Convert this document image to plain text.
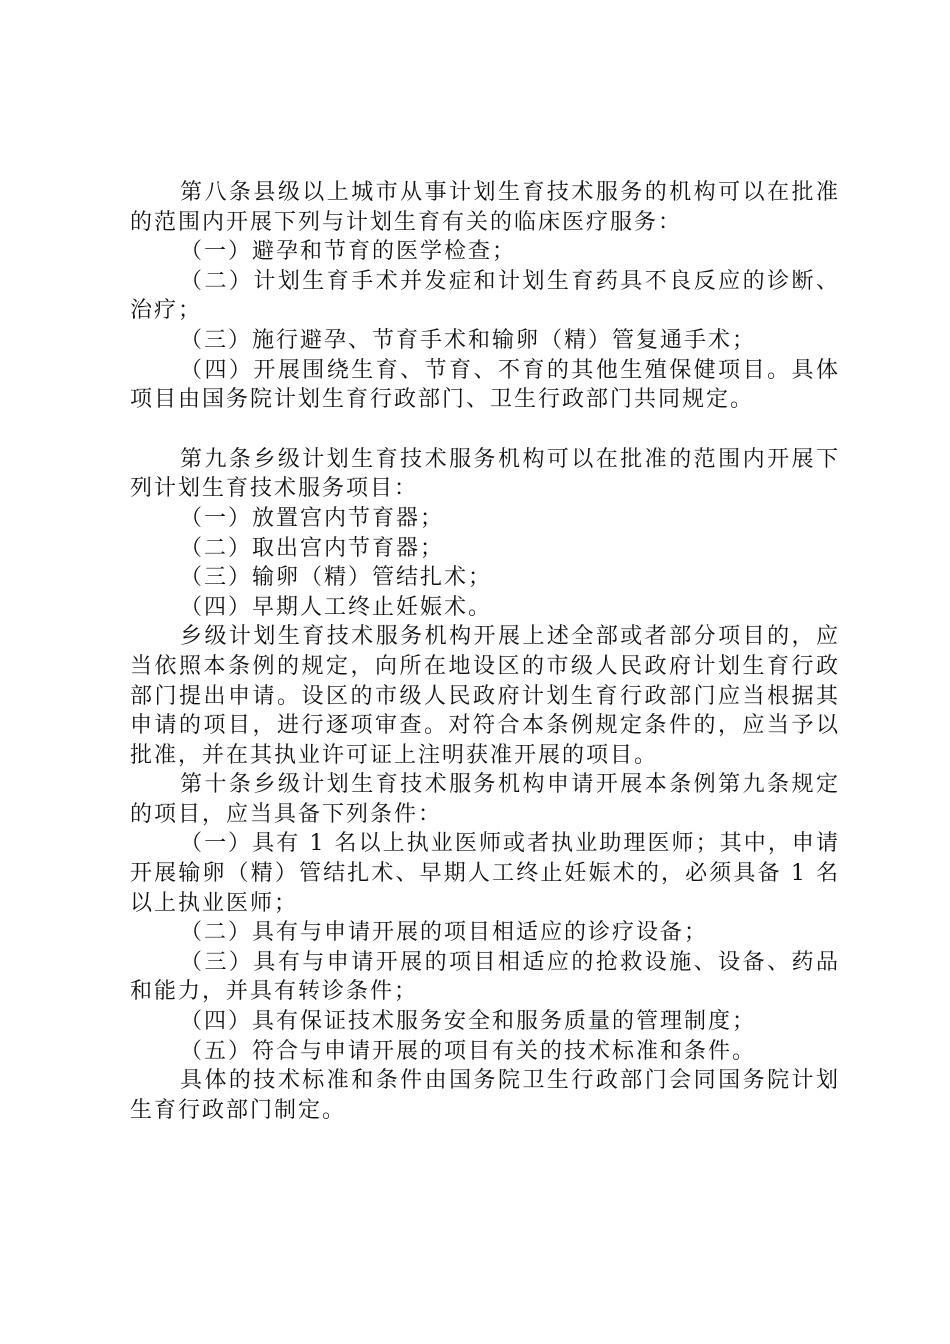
第八条县级以上城市从事计划生育技术服务的机构可以在批准的范围内开展下列与计划生育有关的临床医疗服务：

（一）避孕和节育的医学检查；

（二）计划生育手术并发症和计划生育药具不良反应的诊断、治疗；

（三）施行避孕、节育手术和输卵（精）管复通手术；

（四）开展围绕生育、节育、不育的其他生殖保健项目。具体项目由国务院计划生育行政部门、卫生行政部门共同规定。

第九条乡级计划生育技术服务机构可以在批准的范围内开展下列计划生育技术服务项目：

（一）放置宫内节育器；

（二）取出宫内节育器；

（三）输卵（精）管结扎术；

（四）早期人工终止妊娠术。

乡级计划生育技术服务机构开展上述全部或者部分项目的，应当依照本条例的规定，向所在地设区的市级人民政府计划生育行政部门提出申请。设区的市级人民政府计划生育行政部门应当根据其申请的项目，进行逐项审查。对符合本条例规定条件的，应当予以批准，并在其执业许可证上注明获准开展的项目。

第十条乡级计划生育技术服务机构申请开展本条例第九条规定的项目，应当具备下列条件：

（一）具有 1 名以上执业医师或者执业助理医师；其中，申请开展输卵（精）管结扎术、早期人工终止妊娠术的，必须具备 1 名以上执业医师；

（二）具有与申请开展的项目相适应的诊疗设备；

（三）具有与申请开展的项目相适应的抢救设施、设备、药品和能力，并具有转诊条件；

（四）具有保证技术服务安全和服务质量的管理制度；

（五）符合与申请开展的项目有关的技术标准和条件。

具体的技术标准和条件由国务院卫生行政部门会同国务院计划生育行政部门制定。
